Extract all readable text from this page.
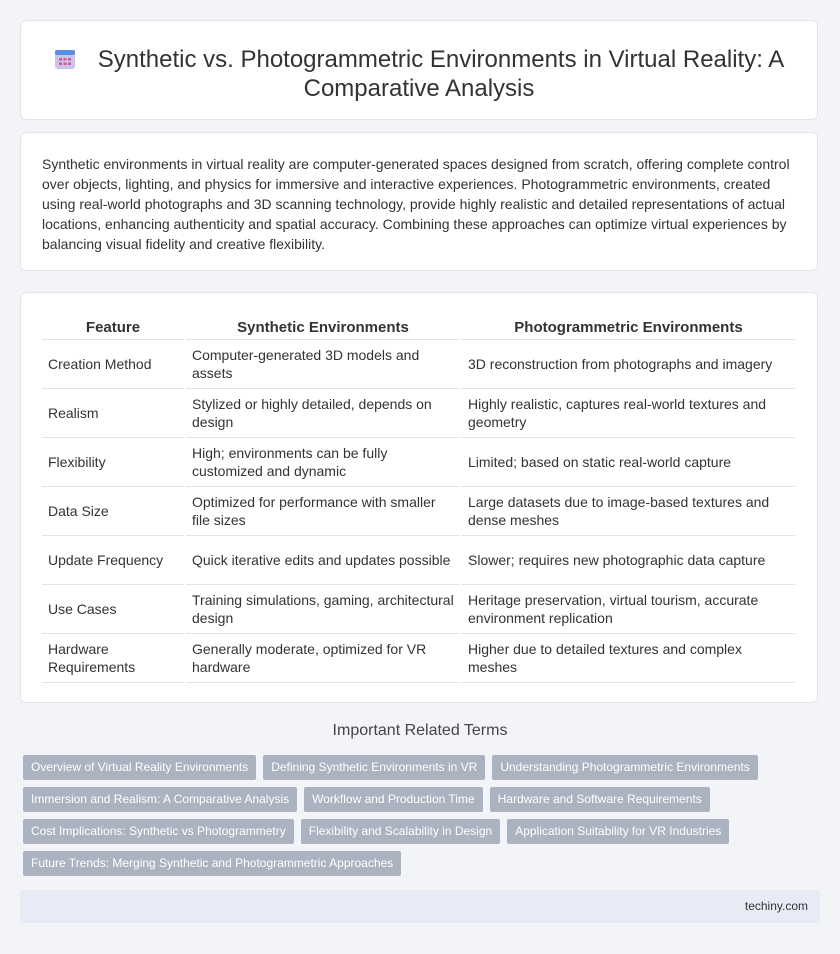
Synthetic vs. Photogrammetric Environments in Virtual Reality: A Comparative Analysis
Synthetic environments in virtual reality are computer-generated spaces designed from scratch, offering complete control over objects, lighting, and physics for immersive and interactive experiences. Photogrammetric environments, created using real-world photographs and 3D scanning technology, provide highly realistic and detailed representations of actual locations, enhancing authenticity and spatial accuracy. Combining these approaches can optimize virtual experiences by balancing visual fidelity and creative flexibility.
Feature	Synthetic Environments	Photogrammetric Environments
Creation Method	Computer-generated 3D models and assets	3D reconstruction from photographs and imagery
Realism	Stylized or highly detailed, depends on design	Highly realistic, captures real-world textures and geometry
Flexibility	High; environments can be fully customized and dynamic	Limited; based on static real-world capture
Data Size	Optimized for performance with smaller file sizes	Large datasets due to image-based textures and dense meshes
Update Frequency	Quick iterative edits and updates possible	Slower; requires new photographic data capture
Use Cases	Training simulations, gaming, architectural design	Heritage preservation, virtual tourism, accurate environment replication
Hardware Requirements	Generally moderate, optimized for VR hardware	Higher due to detailed textures and complex meshes
Important Related Terms
Overview of Virtual Reality Environments	Defining Synthetic Environments in VR	Understanding Photogrammetric Environments
Immersion and Realism: A Comparative Analysis	Workflow and Production Time	Hardware and Software Requirements
Cost Implications: Synthetic vs Photogrammetry	Flexibility and Scalability in Design	Application Suitability for VR Industries
Future Trends: Merging Synthetic and Photogrammetric Approaches
techiny.com
